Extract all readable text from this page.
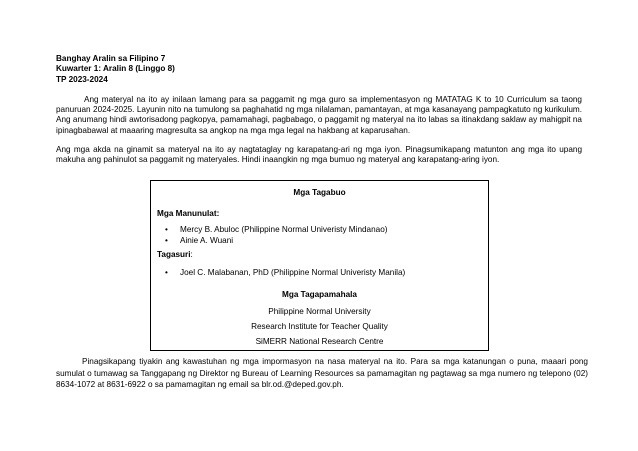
Banghay Aralin sa Filipino 7
Kuwarter 1: Aralin 8 (Linggo 8)
TP 2023-2024
Ang materyal na ito ay inilaan lamang para sa paggamit ng mga guro sa implementasyon ng MATATAG K to 10 Curriculum sa taong panuruan 2024-2025. Layunin nito na tumulong sa paghahatid ng mga nilalaman, pamantayan, at mga kasanayang pampagkatuto ng kurikulum. Ang anumang hindi awtorisadong pagkopya, pamamahagi, pagbabago, o paggamit ng materyal na ito labas sa itinakdang saklaw ay mahigpit na ipinagbabawal at maaaring magresulta sa angkop na mga mga legal na hakbang at kaparusahan.
Ang mga akda na ginamit sa materyal na ito ay nagtataglay ng karapatang-ari ng mga iyon. Pinagsumikapang matunton ang mga ito upang makuha ang pahinulot sa paggamit ng materyales. Hindi inaangkin ng mga bumuo ng materyal ang karapatang-aring iyon.
Mga Tagabuo
Mga Manunulat:
• Mercy B. Abuloc (Philippine Normal Univeristy Mindanao)
• Ainie A. Wuani
Tagasuri:
• Joel C. Malabanan, PhD (Philippine Normal Univeristy Manila)
Mga Tagapamahala
Philippine Normal University
Research Institute for Teacher Quality
SiMERR National Research Centre
Pinagsikapang tiyakin ang kawastuhan ng mga impormasyon na nasa materyal na ito. Para sa mga katanungan o puna, maaari pong sumulat o tumawag sa Tanggapang ng Direktor ng Bureau of Learning Resources sa pamamagitan ng pagtawag sa mga numero ng telepono (02) 8634-1072 at 8631-6922 o sa pamamagitan ng email sa blr.od.@deped.gov.ph.
